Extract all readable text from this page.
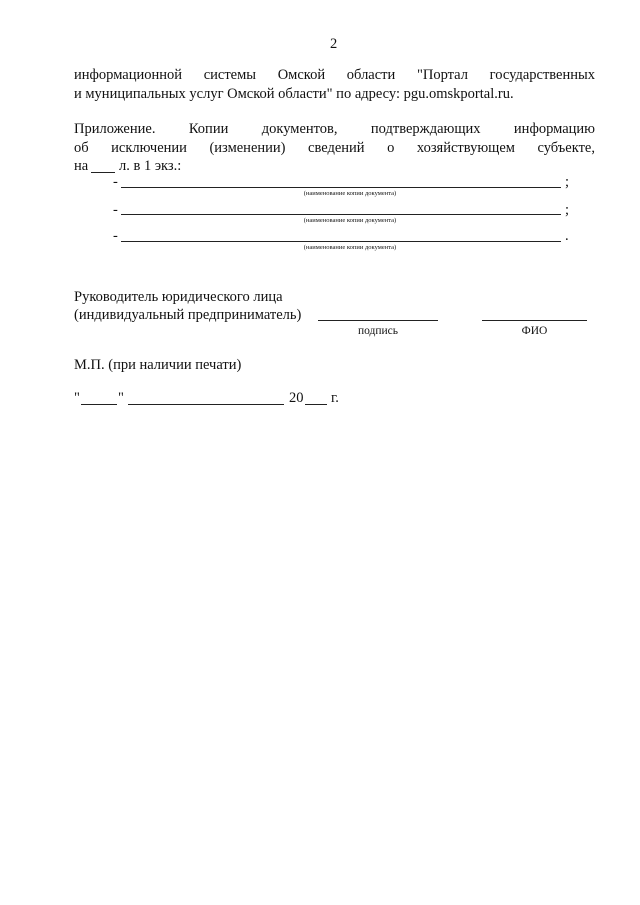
2
информационной системы Омской области "Портал государственных
и муниципальных услуг Омской области" по адресу: pgu.omskportal.ru.
Приложение. Копии документов, подтверждающих информацию
об исключении (изменении) сведений о хозяйствующем субъекте,
на л. в 1 экз.:
-	;
(наименование копии документа)
-	;
(наименование копии документа)
-	.
(наименование копии документа)
Руководитель юридического лица
(индивидуальный предприниматель)
подпись	ФИО
М.П. (при наличии печати)
"	"	20 г.
